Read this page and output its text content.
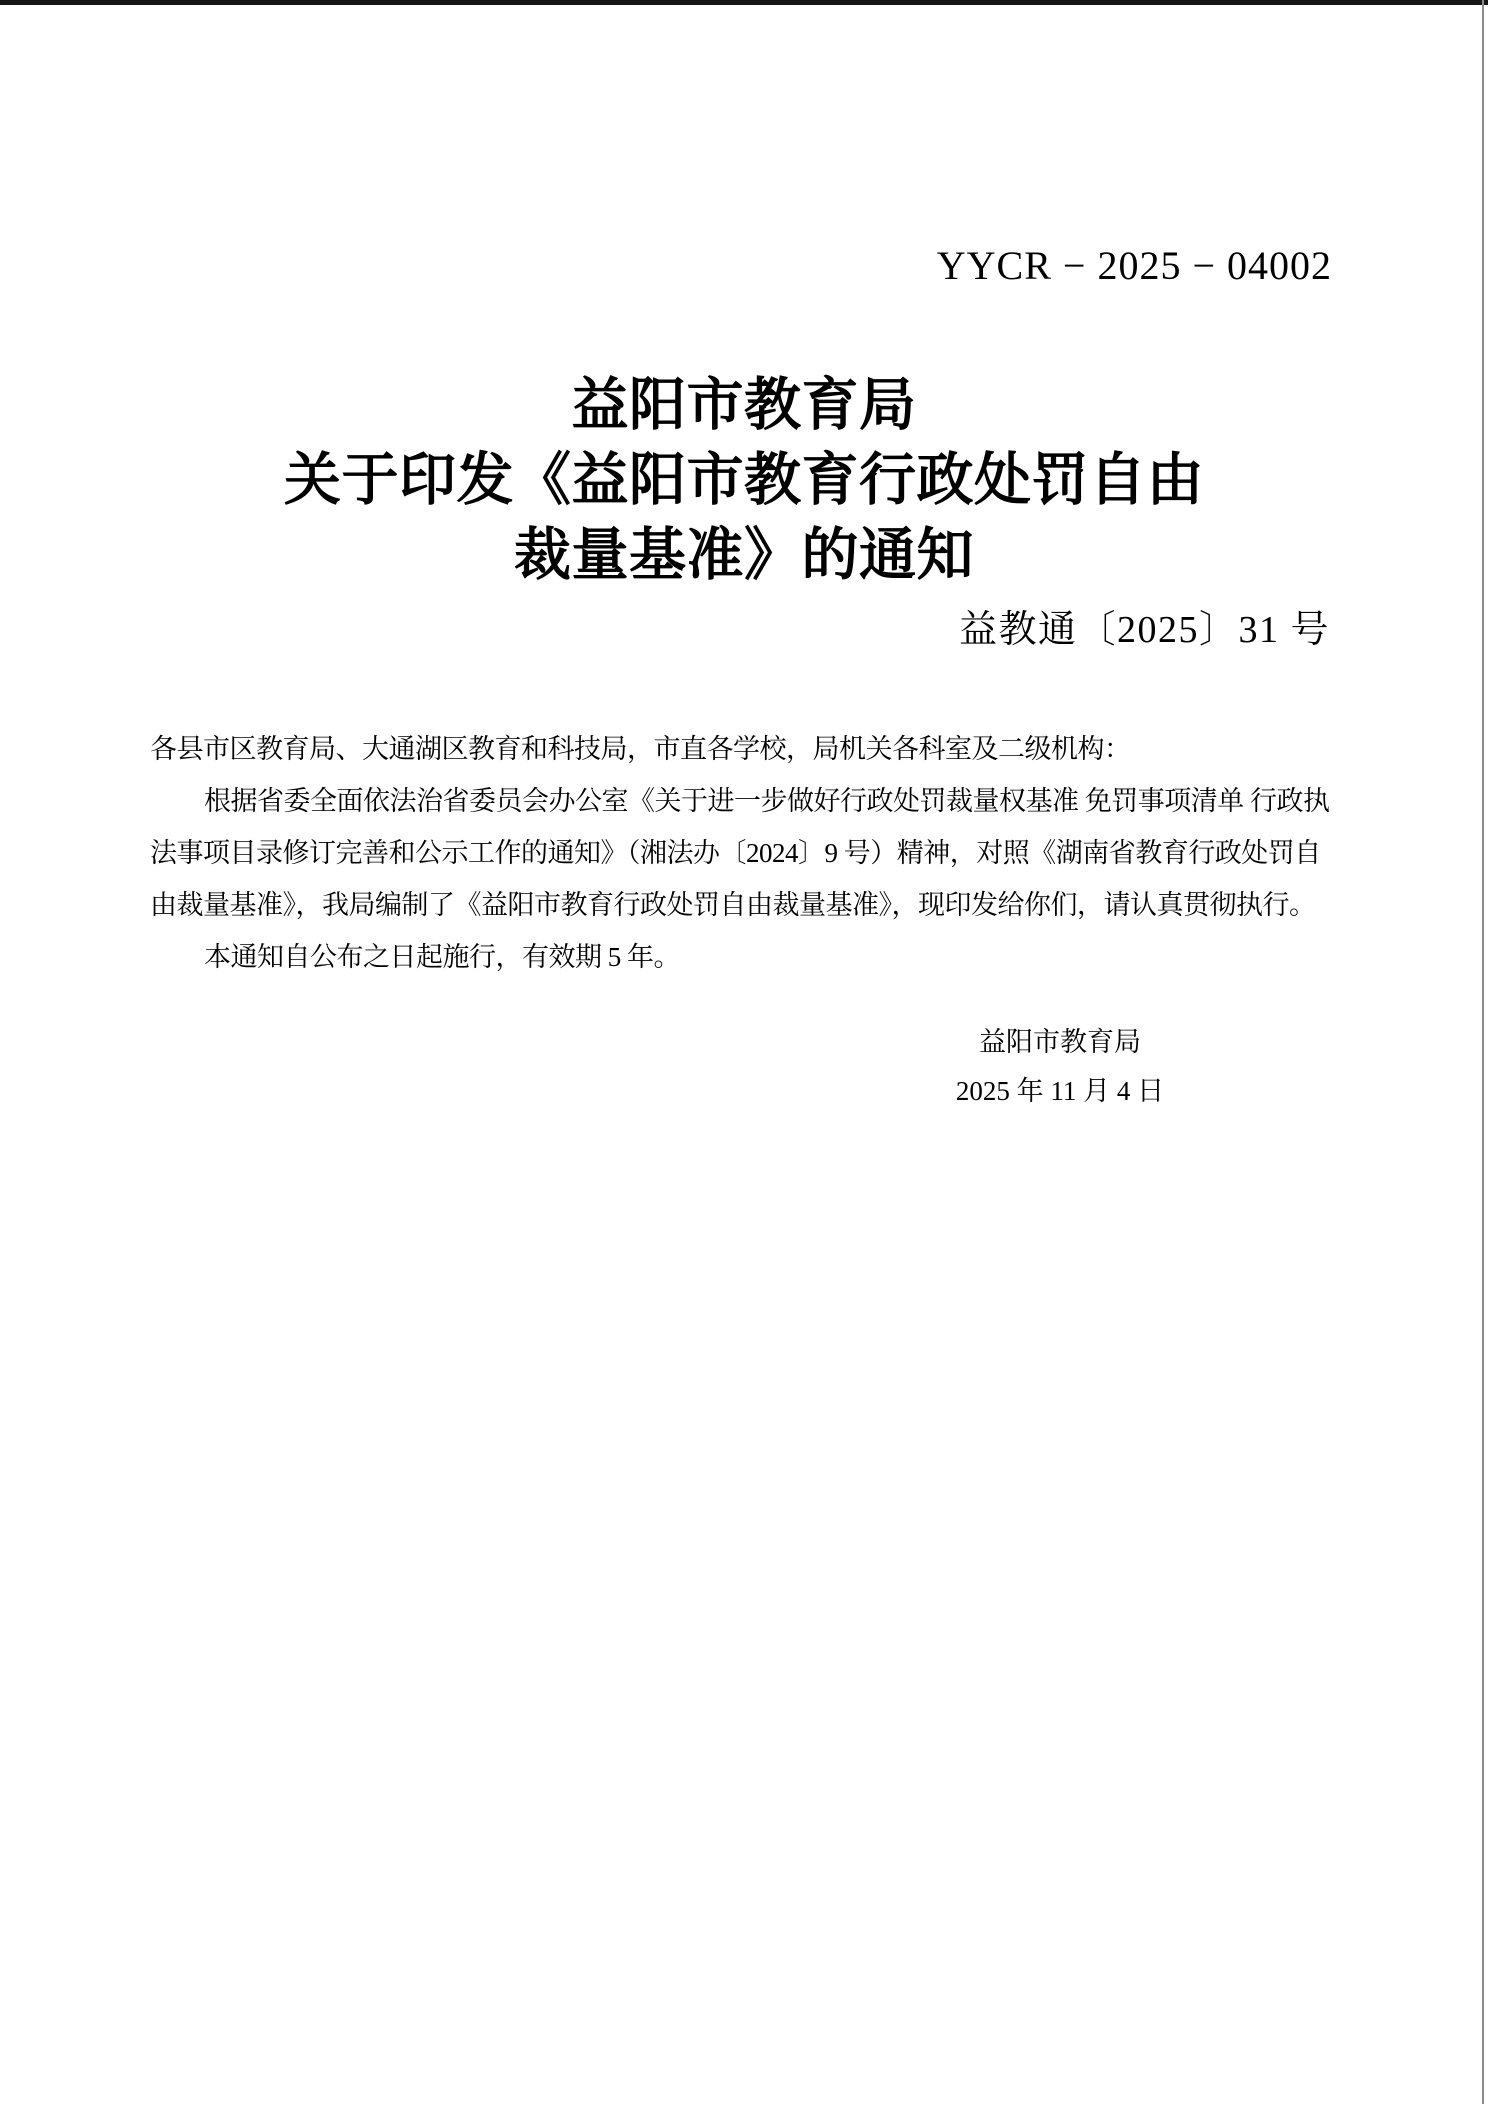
YYCR − 2025 − 04002
益阳市教育局
关于印发《益阳市教育行政处罚自由
裁量基准》的通知
益教通〔2025〕31 号
各县市区教育局、大通湖区教育和科技局，市直各学校，局机关各科室及二级机构：
根据省委全面依法治省委员会办公室《关于进一步做好行政处罚裁量权基准 免罚事项清单 行政执
法事项目录修订完善和公示工作的通知》（湘法办〔2024〕9 号）精神，对照《湖南省教育行政处罚自
由裁量基准》，我局编制了《益阳市教育行政处罚自由裁量基准》，现印发给你们，请认真贯彻执行。
本通知自公布之日起施行，有效期 5 年。
益阳市教育局
2025 年 11 月 4 日
